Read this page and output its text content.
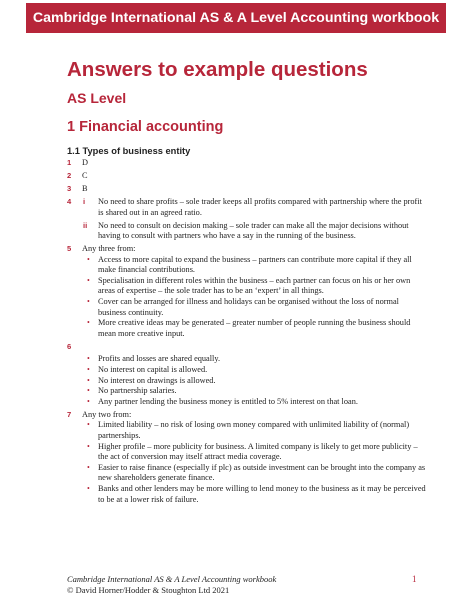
Cambridge International AS & A Level Accounting workbook
Answers to example questions
AS Level
1 Financial accounting
1.1 Types of business entity
1 D
2 C
3 B
4 i No need to share profits – sole trader keeps all profits compared with partnership where the profit is shared out in an agreed ratio.
ii No need to consult on decision making – sole trader can make all the major decisions without having to consult with partners who have a say in the running of the business.
5 Any three from:
• Access to more capital to expand the business – partners can contribute more capital if they all make financial contributions.
• Specialisation in different roles within the business – each partner can focus on his or her own areas of expertise – the sole trader has to be an ‘expert’ in all things.
• Cover can be arranged for illness and holidays can be organised without the loss of normal business continuity.
• More creative ideas may be generated – greater number of people running the business should mean more creative input.
6
• Profits and losses are shared equally.
• No interest on capital is allowed.
• No interest on drawings is allowed.
• No partnership salaries.
• Any partner lending the business money is entitled to 5% interest on that loan.
7 Any two from:
• Limited liability – no risk of losing own money compared with unlimited liability of (normal) partnerships.
• Higher profile – more publicity for business. A limited company is likely to get more publicity – the act of conversion may itself attract media coverage.
• Easier to raise finance (especially if plc) as outside investment can be brought into the company as new shareholders generate finance.
• Banks and other lenders may be more willing to lend money to the business as it may be perceived to be at a lower risk of failure.
Cambridge International AS & A Level Accounting workbook
© David Horner/Hodder & Stoughton Ltd 2021
1
